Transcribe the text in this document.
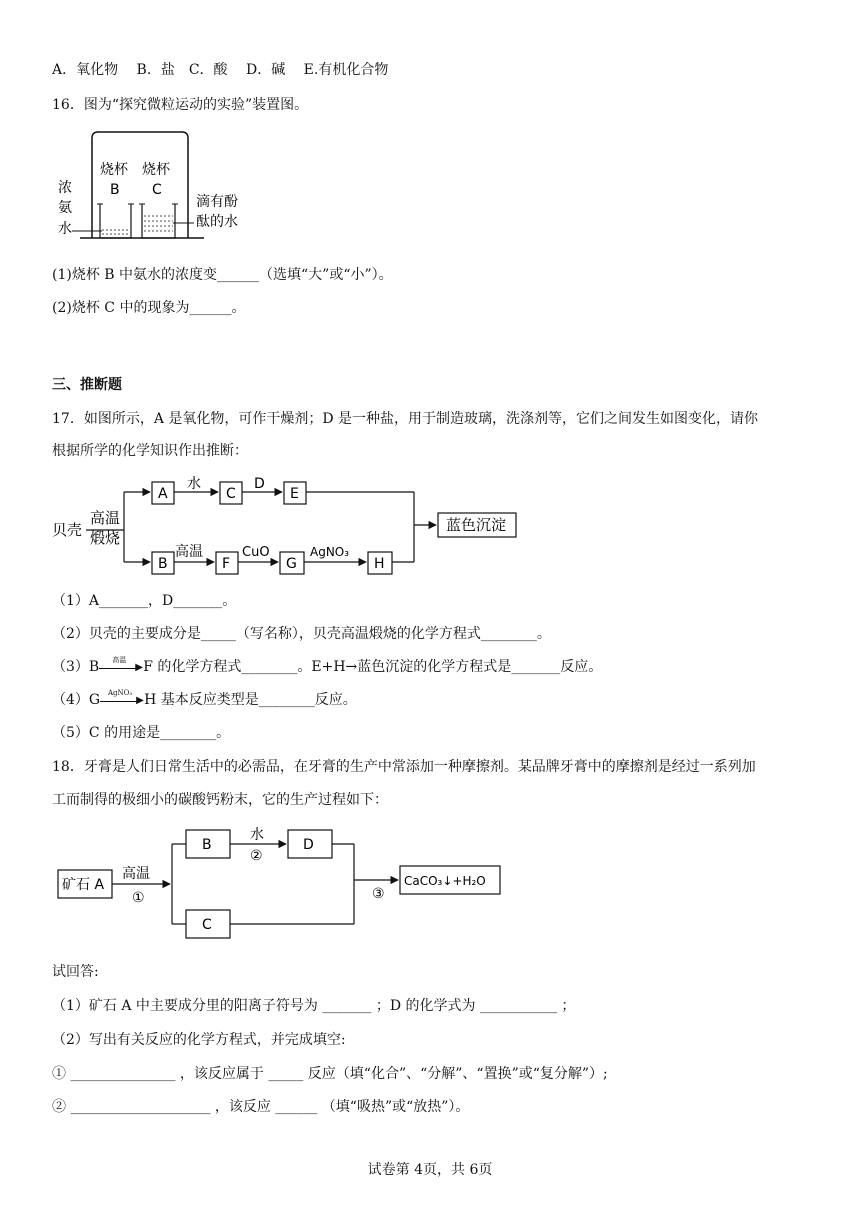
A．氧化物　 B．盐　C．酸　 D．碱　 E.有机化合物
16．图为“探究微粒运动的实验”装置图。
浓
氨
水
烧杯
B
烧杯
C
滴有酚
酞的水
(1)烧杯 B 中氨水的浓度变______（选填“大”或“小”）。
(2)烧杯 C 中的现象为______。
三、推断题
17．如图所示，A 是氧化物，可作干燥剂；D 是一种盐，用于制造玻璃，洗涤剂等，它们之间发生如图变化，请你
根据所学的化学知识作出推断：
贝壳
高温
煅烧
A
水
C
D
E
B
高温
F
CuO
G
AgNO₃
H
蓝色沉淀
（1）A_______，D_______。
（2）贝壳的主要成分是_____（写名称），贝壳高温煅烧的化学方程式________。
（3）B	高温
▶ F 的化学方程式________。E+H→蓝色沉淀的化学方程式是_______反应。
（4）G	AgNO₃
▶ H 基本反应类型是________反应。
（5）C 的用途是________。
18．牙膏是人们日常生活中的必需品，在牙膏的生产中常添加一种摩擦剂。某品牌牙膏中的摩擦剂是经过一系列加
工而制得的极细小的碳酸钙粉末，它的生产过程如下：
矿石 A
高温
①
B
水
②
D
C
③
CaCO₃↓+H₂O
试回答:
（1）矿石 A 中主要成分里的阳离子符号为 _______ ；D 的化学式为 ___________ ；
（2）写出有关反应的化学方程式，并完成填空:
① _______________ ，该反应属于 _____ 反应（填“化合”、“分解”、“置换”或“复分解”）;
② ____________________ ，该反应 ______ （填“吸热”或“放热”）。
试卷第 4页，共 6页
